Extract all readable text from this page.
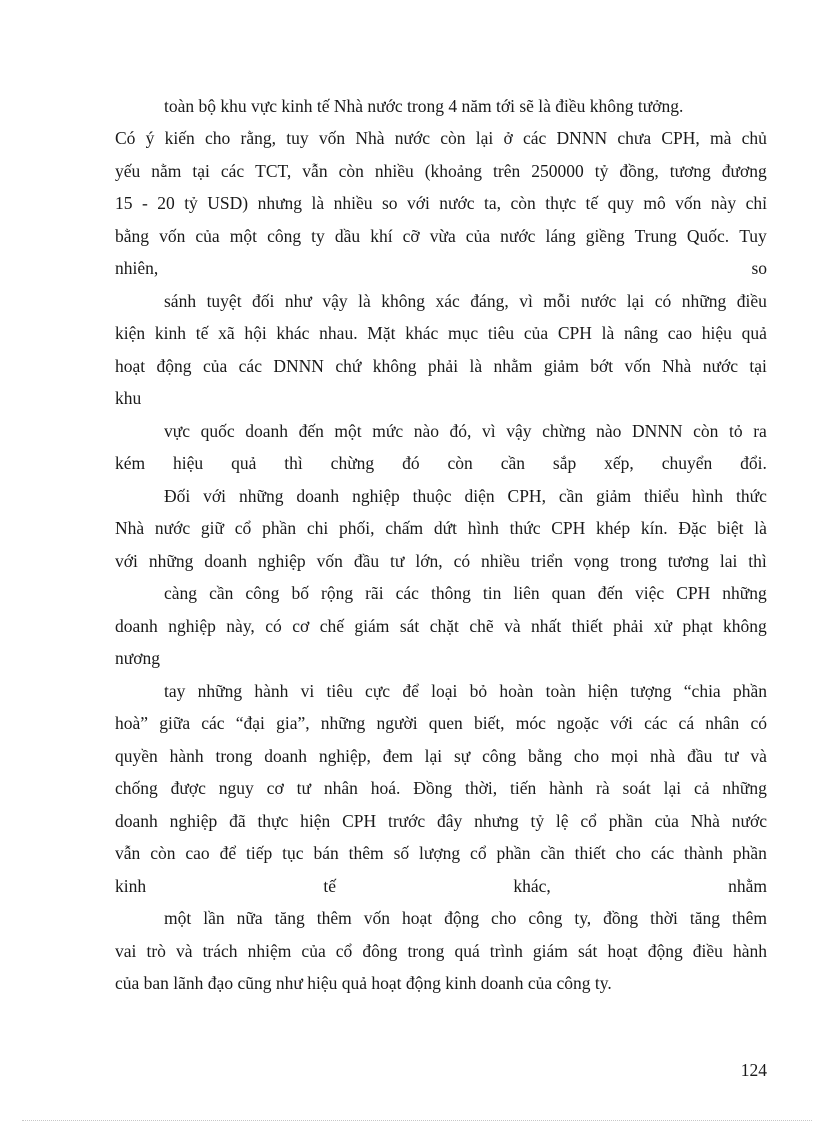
toàn bộ khu vực kinh tế Nhà nước trong 4 năm tới sẽ là điều không tưởng.
Có ý kiến cho rằng, tuy vốn Nhà nước còn lại ở các DNNN chưa CPH, mà chủ
yếu nằm tại các TCT, vẫn còn nhiều (khoảng trên 250000 tỷ đồng, tương đương
15 - 20 tỷ USD) nhưng là nhiều so với nước ta, còn thực tế quy mô vốn này chỉ
bằng vốn của một công ty dầu khí cỡ vừa của nước láng giềng Trung Quốc. Tuy
nhiên,	so
sánh tuyệt đối như vậy là không xác đáng, vì mỗi nước lại có những điều
kiện kinh tế xã hội khác nhau. Mặt khác mục tiêu của CPH là nâng cao hiệu quả
hoạt động của các DNNN chứ không phải là nhằm giảm bớt vốn Nhà nước tại
khu
vực quốc doanh đến một mức nào đó, vì vậy chừng nào DNNN còn tỏ ra
kém hiệu quả thì chừng đó còn cần sắp xếp, chuyển đổi.
Đối với những doanh nghiệp thuộc diện CPH, cần giảm thiểu hình thức
Nhà nước giữ cổ phần chi phối, chấm dứt hình thức CPH khép kín. Đặc biệt là
với những doanh nghiệp vốn đầu tư lớn, có nhiều triển vọng trong tương lai thì
càng cần công bố rộng rãi các thông tin liên quan đến việc CPH những
doanh nghiệp này, có cơ chế giám sát chặt chẽ và nhất thiết phải xử phạt không
nương
tay những hành vi tiêu cực để loại bỏ hoàn toàn hiện tượng “chia phần
hoà” giữa các “đại gia”, những người quen biết, móc ngoặc với các cá nhân có
quyền hành trong doanh nghiệp, đem lại sự công bằng cho mọi nhà đầu tư và
chống được nguy cơ tư nhân hoá. Đồng thời, tiến hành rà soát lại cả những
doanh nghiệp đã thực hiện CPH trước đây nhưng tỷ lệ cổ phần của Nhà nước
vẫn còn cao để tiếp tục bán thêm số lượng cổ phần cần thiết cho các thành phần
kinh	tế	khác,	nhằm
một lần nữa tăng thêm vốn hoạt động cho công ty, đồng thời tăng thêm
vai trò và trách nhiệm của cổ đông trong quá trình giám sát hoạt động điều hành
của ban lãnh đạo cũng như hiệu quả hoạt động kinh doanh của công ty.
124
